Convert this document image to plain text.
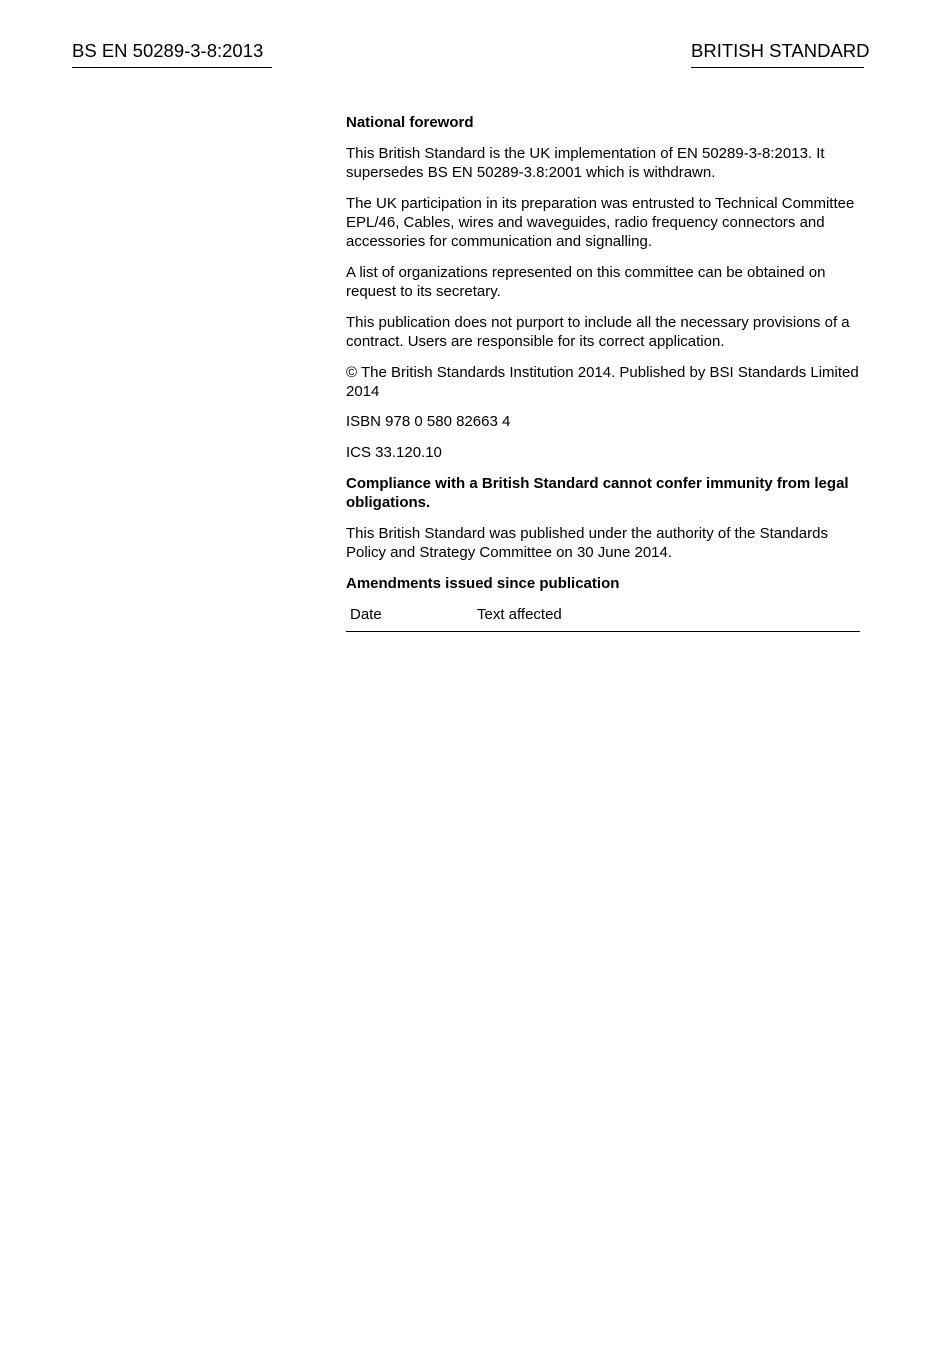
BS EN 50289-3-8:2013	BRITISH STANDARD

National foreword

This British Standard is the UK implementation of EN 50289-3-8:2013. It supersedes BS EN 50289-3.8:2001 which is withdrawn.

The UK participation in its preparation was entrusted to Technical Committee EPL/46, Cables, wires and waveguides, radio frequency connectors and accessories for communication and signalling.

A list of organizations represented on this committee can be obtained on request to its secretary.

This publication does not purport to include all the necessary provisions of a contract. Users are responsible for its correct application.

© The British Standards Institution 2014. Published by BSI Standards Limited 2014

ISBN 978 0 580 82663 4

ICS 33.120.10

Compliance with a British Standard cannot confer immunity from legal obligations.

This British Standard was published under the authority of the Standards Policy and Strategy Committee on 30 June 2014.

Amendments issued since publication

Date	Text affected
